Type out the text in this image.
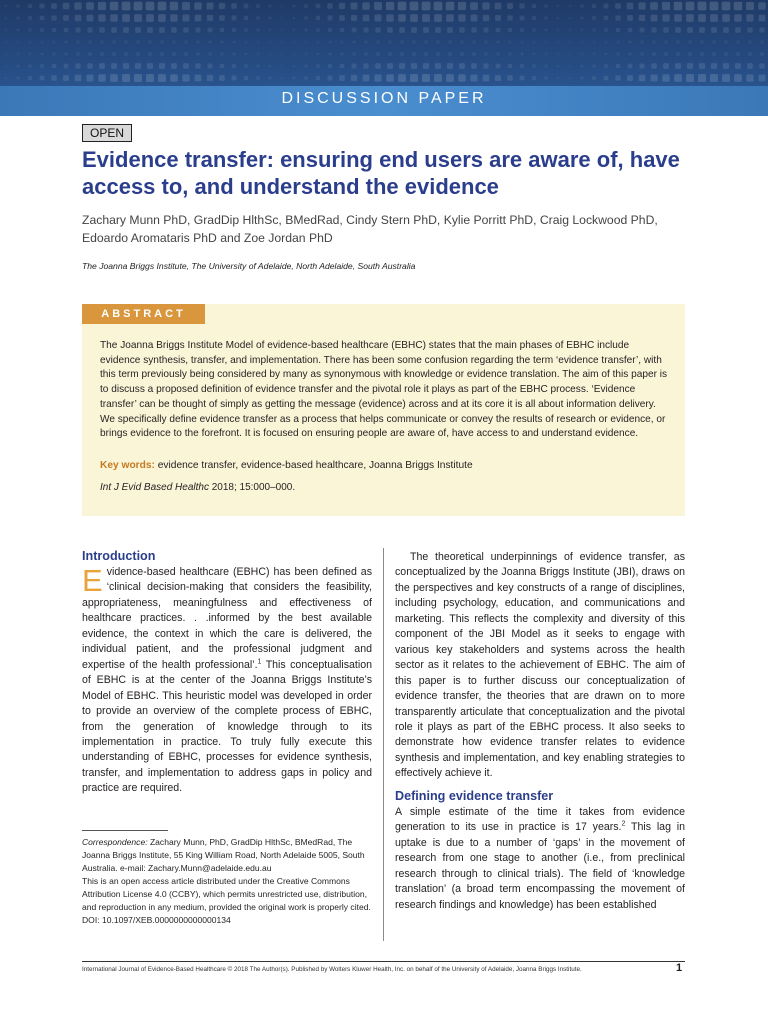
DISCUSSION PAPER
OPEN
Evidence transfer: ensuring end users are aware of, have access to, and understand the evidence
Zachary Munn PhD, GradDip HlthSc, BMedRad, Cindy Stern PhD, Kylie Porritt PhD, Craig Lockwood PhD, Edoardo Aromataris PhD and Zoe Jordan PhD
The Joanna Briggs Institute, The University of Adelaide, North Adelaide, South Australia
ABSTRACT

The Joanna Briggs Institute Model of evidence-based healthcare (EBHC) states that the main phases of EBHC include evidence synthesis, transfer, and implementation. There has been some confusion regarding the term ‘evidence transfer’, with this term previously being considered by many as synonymous with knowledge or evidence translation. The aim of this paper is to discuss a proposed definition of evidence transfer and the pivotal role it plays as part of the EBHC process. ‘Evidence transfer’ can be thought of simply as getting the message (evidence) across and at its core it is all about information delivery. We specifically define evidence transfer as a process that helps communicate or convey the results of research or evidence, or brings evidence to the forefront. It is focused on ensuring people are aware of, have access to and understand evidence.

Key words: evidence transfer, evidence-based healthcare, Joanna Briggs Institute
Int J Evid Based Healthc 2018; 15:000–000.
Introduction

Evidence-based healthcare (EBHC) has been defined as ‘clinical decision-making that considers the feasibility, appropriateness, meaningfulness and effectiveness of healthcare practices. . .informed by the best available evidence, the context in which the care is delivered, the individual patient, and the professional judgment and expertise of the health professional’.$^1$ This conceptualisation of EBHC is at the center of the Joanna Briggs Institute’s Model of EBHC. This heuristic model was developed in order to provide an overview of the complete process of EBHC, from the generation of knowledge through to its implementation in practice. To truly fully execute this understanding of EBHC, processes for evidence synthesis, transfer, and implementation to address gaps in policy and practice are required.

The theoretical underpinnings of evidence transfer, as conceptualized by the Joanna Briggs Institute (JBI), draws on the perspectives and key constructs of a range of disciplines, including psychology, education, and communications and marketing. This reflects the complexity and diversity of this component of the JBI Model as it seeks to engage with various key stakeholders and systems across the health sector as it relates to the achievement of EBHC. The aim of this paper is to further discuss our conceptualization of evidence transfer, the theories that are drawn on to more transparently articulate that conceptualization and the pivotal role it plays as part of the EBHC process. It also seeks to demonstrate how evidence transfer relates to evidence synthesis and implementation, and key enabling strategies to effectively achieve it.

Defining evidence transfer

A simple estimate of the time it takes from evidence generation to its use in practice is 17 years.$^2$ This lag in uptake is due to a number of ‘gaps’ in the movement of research from one stage to another (i.e., from preclinical research through to clinical trials). The field of ‘knowledge translation’ (a broad term encompassing the movement of research findings and knowledge) has been established

Correspondence: Zachary Munn, PhD, GradDip HlthSc, BMedRad, The Joanna Briggs Institute, 55 King William Road, North Adelaide 5005, South Australia. e-mail: Zachary.Munn@adelaide.edu.au
This is an open access article distributed under the Creative Commons Attribution License 4.0 (CCBY), which permits unrestricted use, distribution, and reproduction in any medium, provided the original work is properly cited.
DOI: 10.1097/XEB.0000000000000134
International Journal of Evidence-Based Healthcare © 2018 The Author(s). Published by Wolters Kluwer Health, Inc. on behalf of the University of Adelaide, Joanna Briggs Institute.	1
